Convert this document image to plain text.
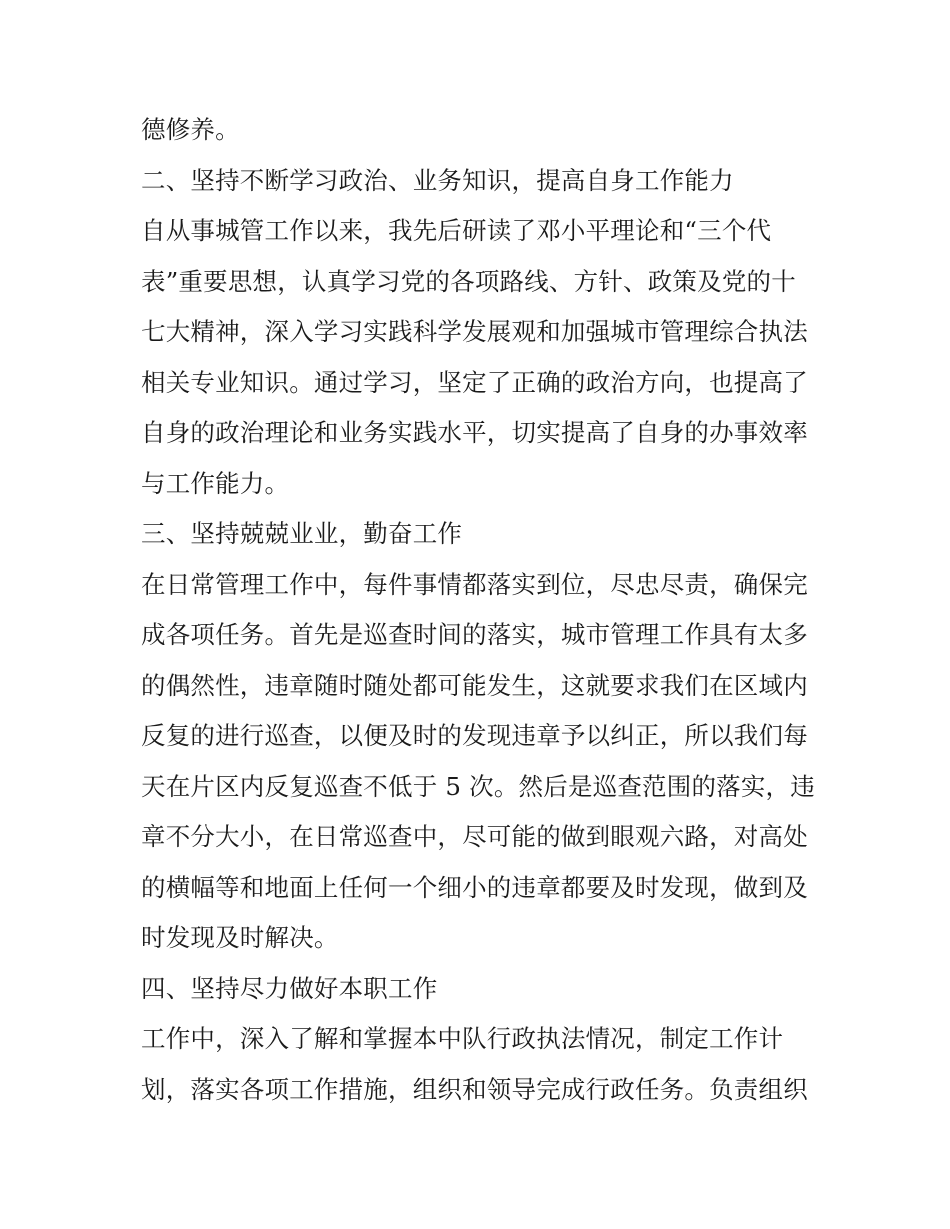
德修养。
二、坚持不断学习政治、业务知识，提高自身工作能力
自从事城管工作以来，我先后研读了邓小平理论和“三个代
表”重要思想，认真学习党的各项路线、方针、政策及党的十
七大精神，深入学习实践科学发展观和加强城市管理综合执法
相关专业知识。通过学习，坚定了正确的政治方向，也提高了
自身的政治理论和业务实践水平，切实提高了自身的办事效率
与工作能力。
三、坚持兢兢业业，勤奋工作
在日常管理工作中，每件事情都落实到位，尽忠尽责，确保完
成各项任务。首先是巡查时间的落实，城市管理工作具有太多
的偶然性，违章随时随处都可能发生，这就要求我们在区域内
反复的进行巡查，以便及时的发现违章予以纠正，所以我们每
天在片区内反复巡查不低于 5 次。然后是巡查范围的落实，违
章不分大小，在日常巡查中，尽可能的做到眼观六路，对高处
的横幅等和地面上任何一个细小的违章都要及时发现，做到及
时发现及时解决。
四、坚持尽力做好本职工作
工作中，深入了解和掌握本中队行政执法情况，制定工作计
划，落实各项工作措施，组织和领导完成行政任务。负责组织
